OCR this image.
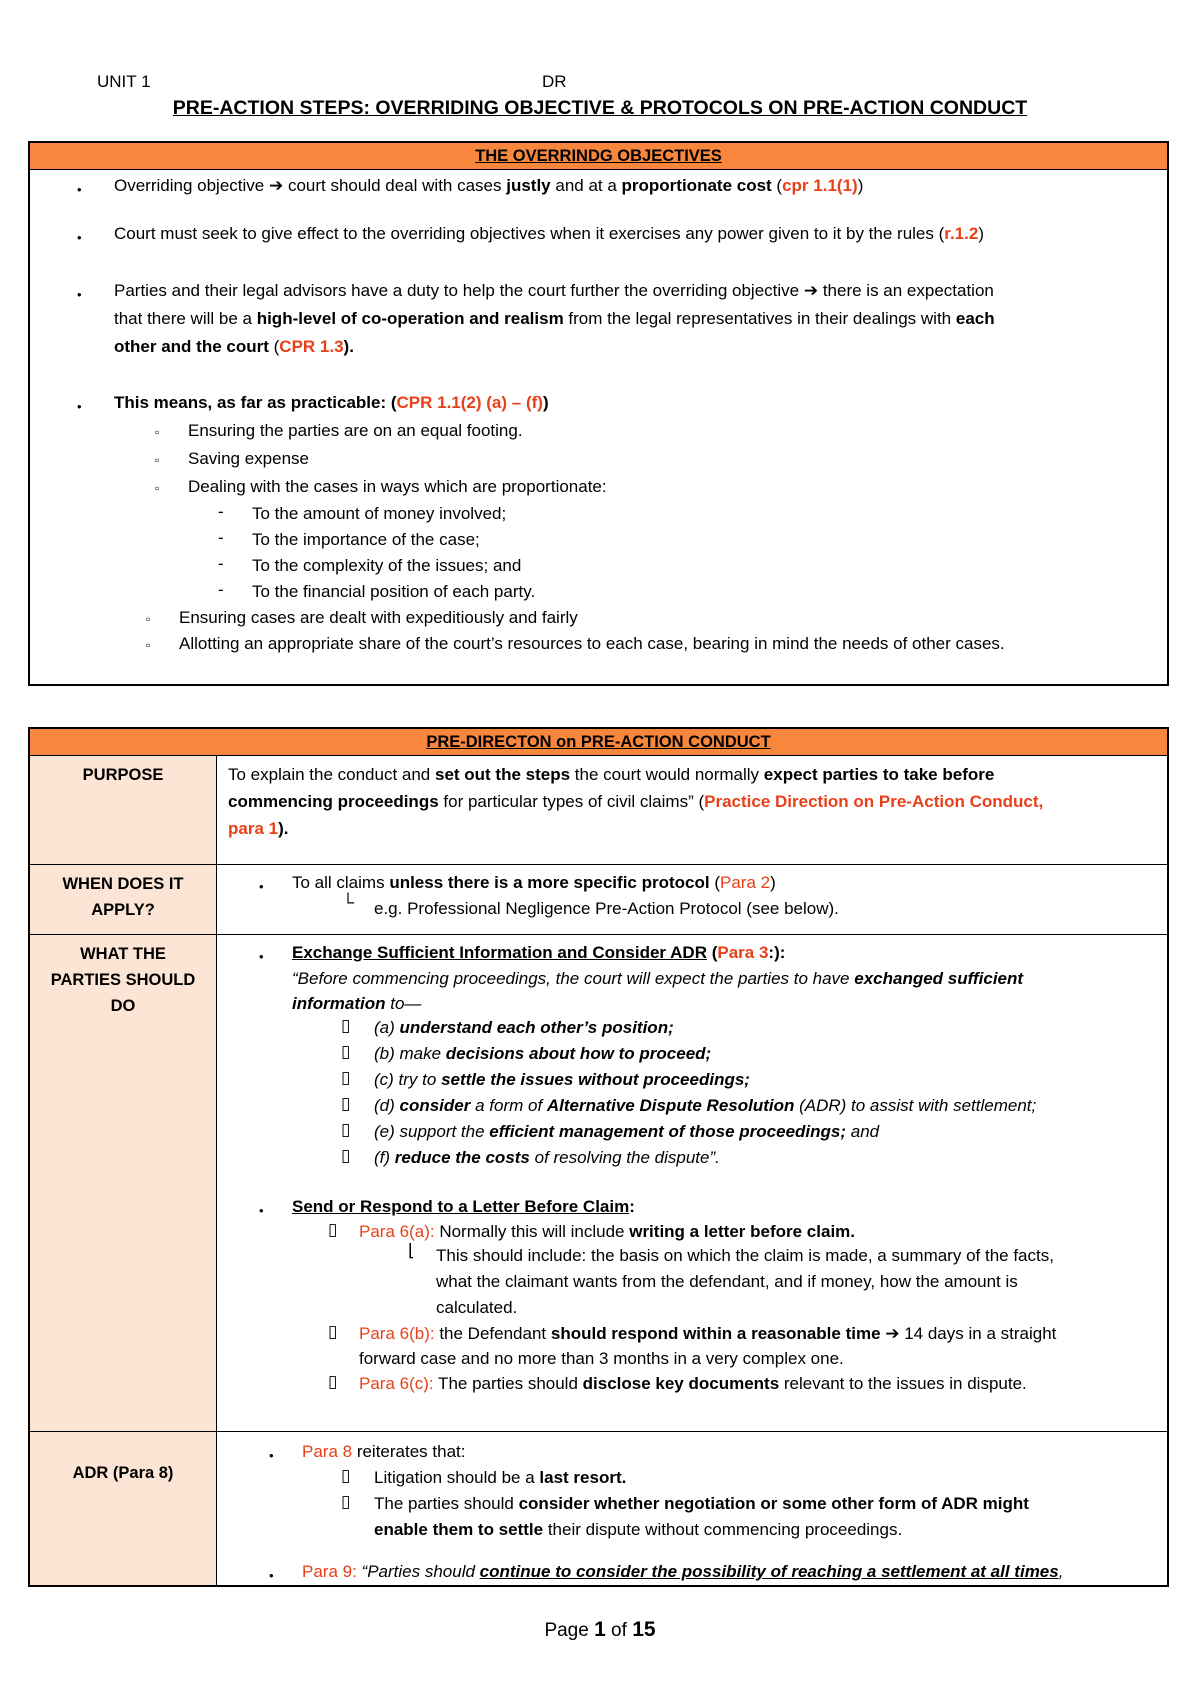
UNIT 1	DR
PRE-ACTION STEPS: OVERRIDING OBJECTIVE & PROTOCOLS ON PRE-ACTION CONDUCT
THE OVERRINDG OBJECTIVES
• Overriding objective ➔ court should deal with cases justly and at a proportionate cost (cpr 1.1(1))
• Court must seek to give effect to the overriding objectives when it exercises any power given to it by the rules (r.1.2)
• Parties and their legal advisors have a duty to help the court further the overriding objective ➔ there is an expectation
that there will be a high-level of co-operation and realism from the legal representatives in their dealings with each
other and the court (CPR 1.3).
• This means, as far as practicable: (CPR 1.1(2) (a) – (f))
▫ Ensuring the parties are on an equal footing.
▫ Saving expense
▫ Dealing with the cases in ways which are proportionate:
- To the amount of money involved;
- To the importance of the case;
- To the complexity of the issues; and
- To the financial position of each party.
▫ Ensuring cases are dealt with expeditiously and fairly
▫ Allotting an appropriate share of the court’s resources to each case, bearing in mind the needs of other cases.
PRE-DIRECTON on PRE-ACTION CONDUCT
PURPOSE	To explain the conduct and set out the steps the court would normally expect parties to take before
commencing proceedings for particular types of civil claims” (Practice Direction on Pre-Action Conduct,
para 1).
WHEN DOES IT
APPLY?
• To all claims unless there is a more specific protocol (Para 2)
└ e.g. Professional Negligence Pre-Action Protocol (see below).
WHAT THE
PARTIES SHOULD
DO
• Exchange Sufficient Information and Consider ADR (Para 3:):
“Before commencing proceedings, the court will expect the parties to have exchanged sufficient
information to—
▯ (a) understand each other’s position;
▯ (b) make decisions about how to proceed;
▯ (c) try to settle the issues without proceedings;
▯ (d) consider a form of Alternative Dispute Resolution (ADR) to assist with settlement;
▯ (e) support the efficient management of those proceedings; and
▯ (f) reduce the costs of resolving the dispute”.
• Send or Respond to a Letter Before Claim:
▯ Para 6(a): Normally this will include writing a letter before claim.
⌊ This should include: the basis on which the claim is made, a summary of the facts,
what the claimant wants from the defendant, and if money, how the amount is
calculated.
▯ Para 6(b): the Defendant should respond within a reasonable time ➔ 14 days in a straight
forward case and no more than 3 months in a very complex one.
▯ Para 6(c): The parties should disclose key documents relevant to the issues in dispute.
ADR (Para 8)
• Para 8 reiterates that:
▯ Litigation should be a last resort.
▯ The parties should consider whether negotiation or some other form of ADR might
enable them to settle their dispute without commencing proceedings.
• Para 9: “Parties should continue to consider the possibility of reaching a settlement at all times,
Page 1 of 15
